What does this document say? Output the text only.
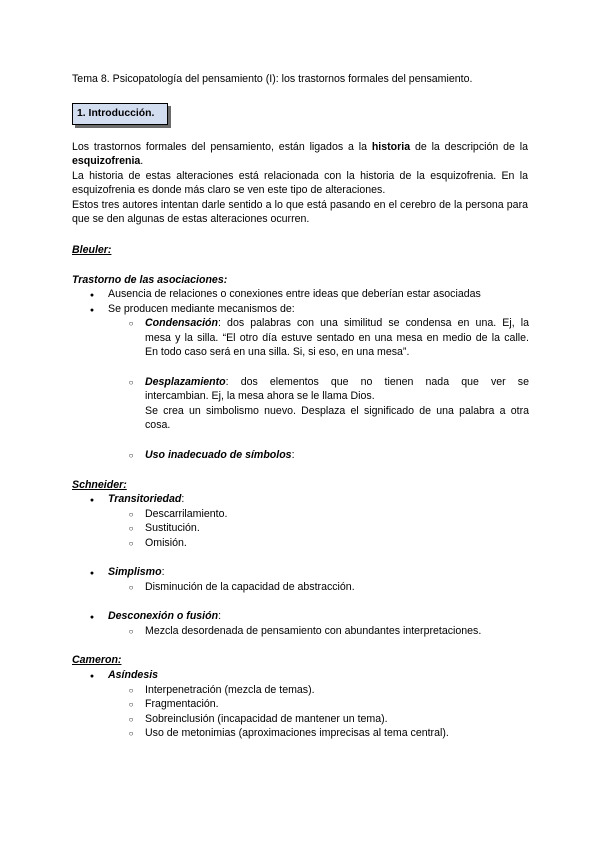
Tema 8. Psicopatología del pensamiento (I): los trastornos formales del pensamiento.
1. Introducción.

Los trastornos formales del pensamiento, están ligados a la historia de la descripción de la esquizofrenia.

La historia de estas alteraciones está relacionada con la historia de la esquizofrenia. En la esquizofrenia es donde más claro se ven este tipo de alteraciones.

Estos tres autores intentan darle sentido a lo que está pasando en el cerebro de la persona para que se den algunas de estas alteraciones ocurren.

Bleuler:
Trastorno de las asociaciones:
●
Ausencia de relaciones o conexiones entre ideas que deberían estar asociadas
●
Se producen mediante mecanismos de:
○
Condensación: dos palabras con una similitud se condensa en una. Ej, la
mesa y la silla. “El otro día estuve sentado en una mesa en medio de la calle.
En todo caso será en una silla. Si, si eso, en una mesa”.
○
Desplazamiento: dos elementos que no tienen nada que ver se
intercambian. Ej, la mesa ahora se le llama Dios.
Se crea un simbolismo nuevo. Desplaza el significado de una palabra a otra
cosa.
○
Uso inadecuado de símbolos:
Schneider:
●
Transitoriedad:
○
Descarrilamiento.
○
Sustitución.
○
Omisión.
●
Simplismo:
○
Disminución de la capacidad de abstracción.
●
Desconexión o fusión:
○
Mezcla desordenada de pensamiento con abundantes interpretaciones.
Cameron:
●
Asíndesis
○
Interpenetración (mezcla de temas).
○
Fragmentación.
○
Sobreinclusión (incapacidad de mantener un tema).
○
Uso de metonimias (aproximaciones imprecisas al tema central).
